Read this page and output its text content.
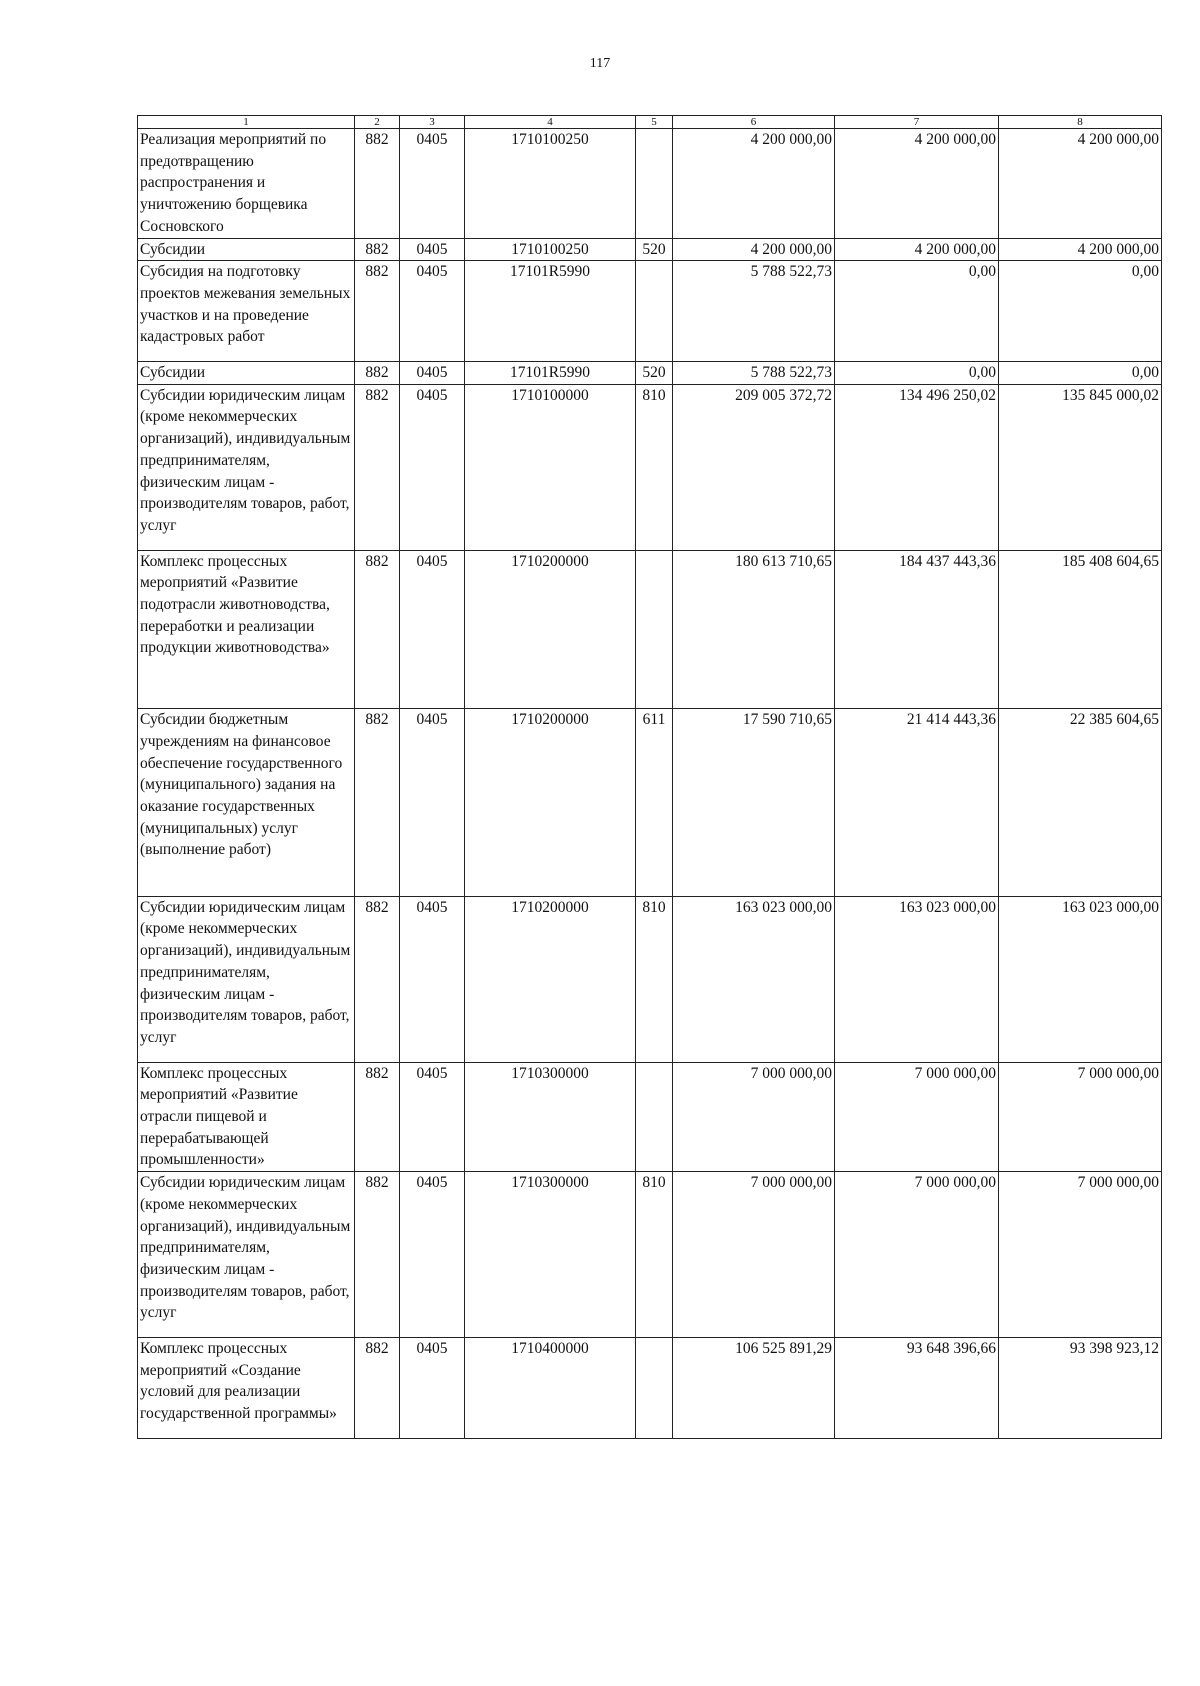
117
1	2	3	4	5	6	7	8
Реализация мероприятий по предотвращению распространения и уничтожению борщевика Сосновского	882	0405	1710100250		4 200 000,00	4 200 000,00	4 200 000,00
Субсидии	882	0405	1710100250	520	4 200 000,00	4 200 000,00	4 200 000,00
Субсидия на подготовку проектов межевания земельных участков и на проведение кадастровых работ	882	0405	17101R5990		5 788 522,73	0,00	0,00
Субсидии	882	0405	17101R5990	520	5 788 522,73	0,00	0,00
Субсидии юридическим лицам (кроме некоммерческих организаций), индивидуальным предпринимателям, физическим лицам - производителям товаров, работ, услуг	882	0405	1710100000	810	209 005 372,72	134 496 250,02	135 845 000,02
Комплекс процессных мероприятий «Развитие подотрасли животноводства, переработки и реализации продукции животноводства»	882	0405	1710200000		180 613 710,65	184 437 443,36	185 408 604,65
Субсидии бюджетным учреждениям на финансовое обеспечение государственного (муниципального) задания на оказание государственных (муниципальных) услуг (выполнение работ)	882	0405	1710200000	611	17 590 710,65	21 414 443,36	22 385 604,65
Субсидии юридическим лицам (кроме некоммерческих организаций), индивидуальным предпринимателям, физическим лицам - производителям товаров, работ, услуг	882	0405	1710200000	810	163 023 000,00	163 023 000,00	163 023 000,00
Комплекс процессных мероприятий «Развитие отрасли пищевой и перерабатывающей промышленности»	882	0405	1710300000		7 000 000,00	7 000 000,00	7 000 000,00
Субсидии юридическим лицам (кроме некоммерческих организаций), индивидуальным предпринимателям, физическим лицам - производителям товаров, работ, услуг	882	0405	1710300000	810	7 000 000,00	7 000 000,00	7 000 000,00
Комплекс процессных мероприятий «Создание условий для реализации государственной программы»	882	0405	1710400000		106 525 891,29	93 648 396,66	93 398 923,12
